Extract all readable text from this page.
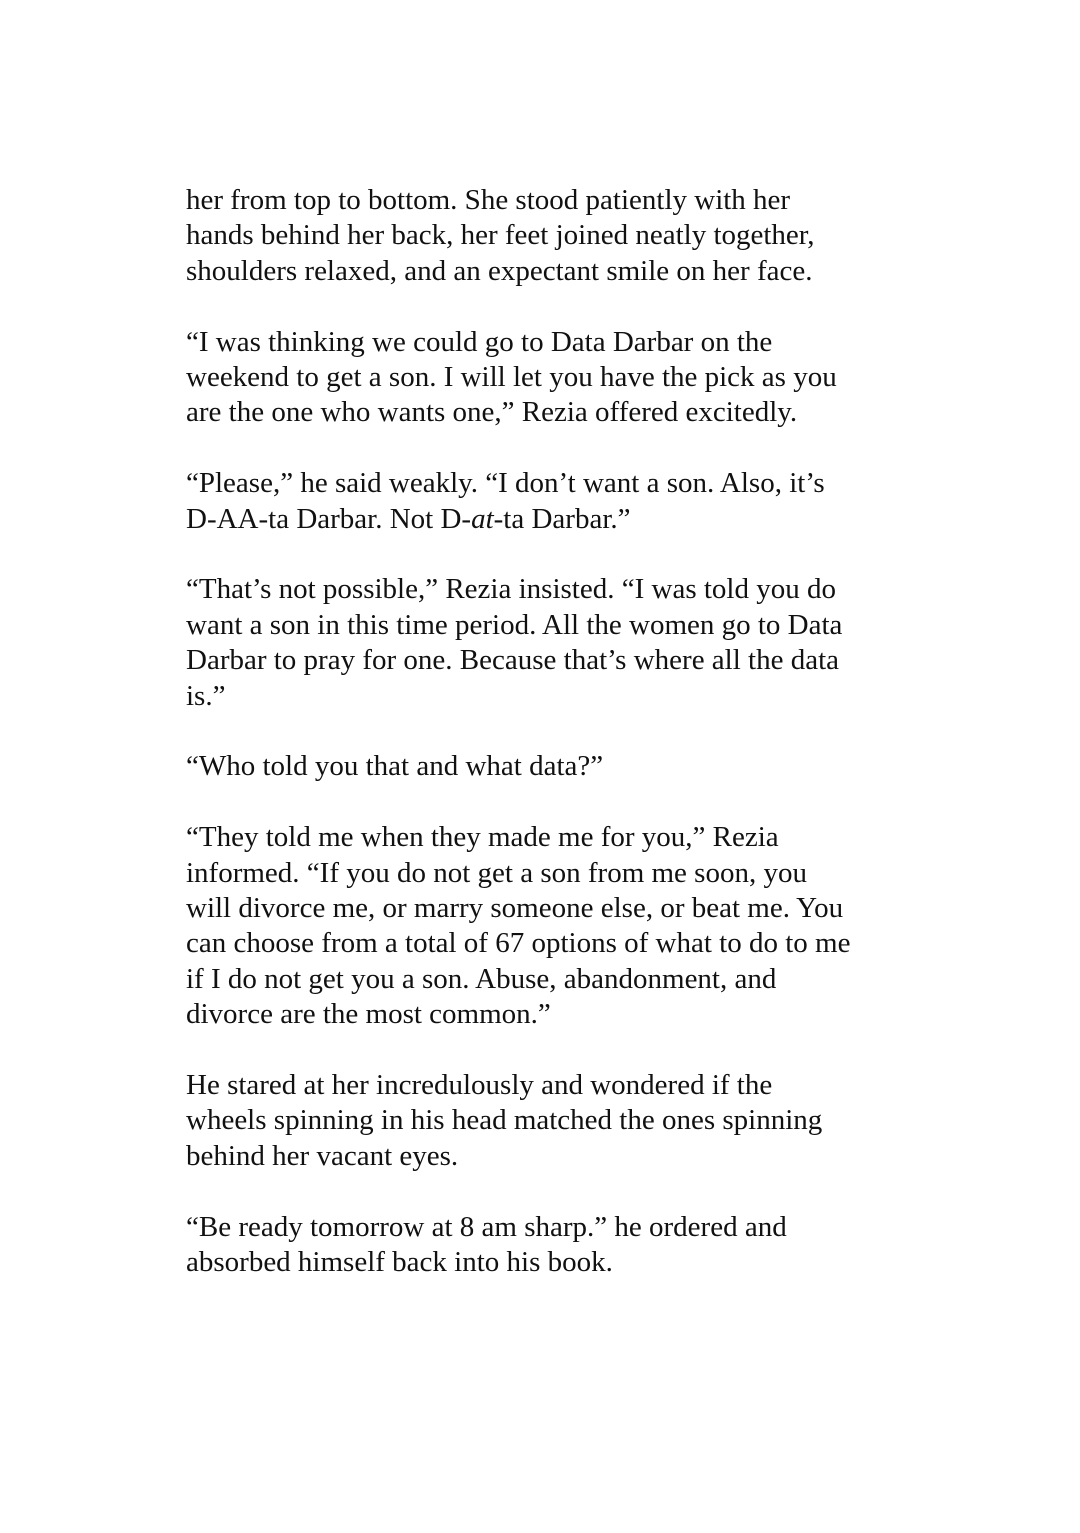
her from top to bottom. She stood patiently with her
hands behind her back, her feet joined neatly together,
shoulders relaxed, and an expectant smile on her face.

“I was thinking we could go to Data Darbar on the
weekend to get a son. I will let you have the pick as you
are the one who wants one,” Rezia offered excitedly.

“Please,” he said weakly. “I don’t want a son. Also, it’s
D-AA-ta Darbar. Not D-at-ta Darbar.”

“That’s not possible,” Rezia insisted. “I was told you do
want a son in this time period. All the women go to Data
Darbar to pray for one. Because that’s where all the data
is.”

“Who told you that and what data?”

“They told me when they made me for you,” Rezia
informed. “If you do not get a son from me soon, you
will divorce me, or marry someone else, or beat me. You
can choose from a total of 67 options of what to do to me
if I do not get you a son. Abuse, abandonment, and
divorce are the most common.”

He stared at her incredulously and wondered if the
wheels spinning in his head matched the ones spinning
behind her vacant eyes.

“Be ready tomorrow at 8 am sharp.” he ordered and
absorbed himself back into his book.
